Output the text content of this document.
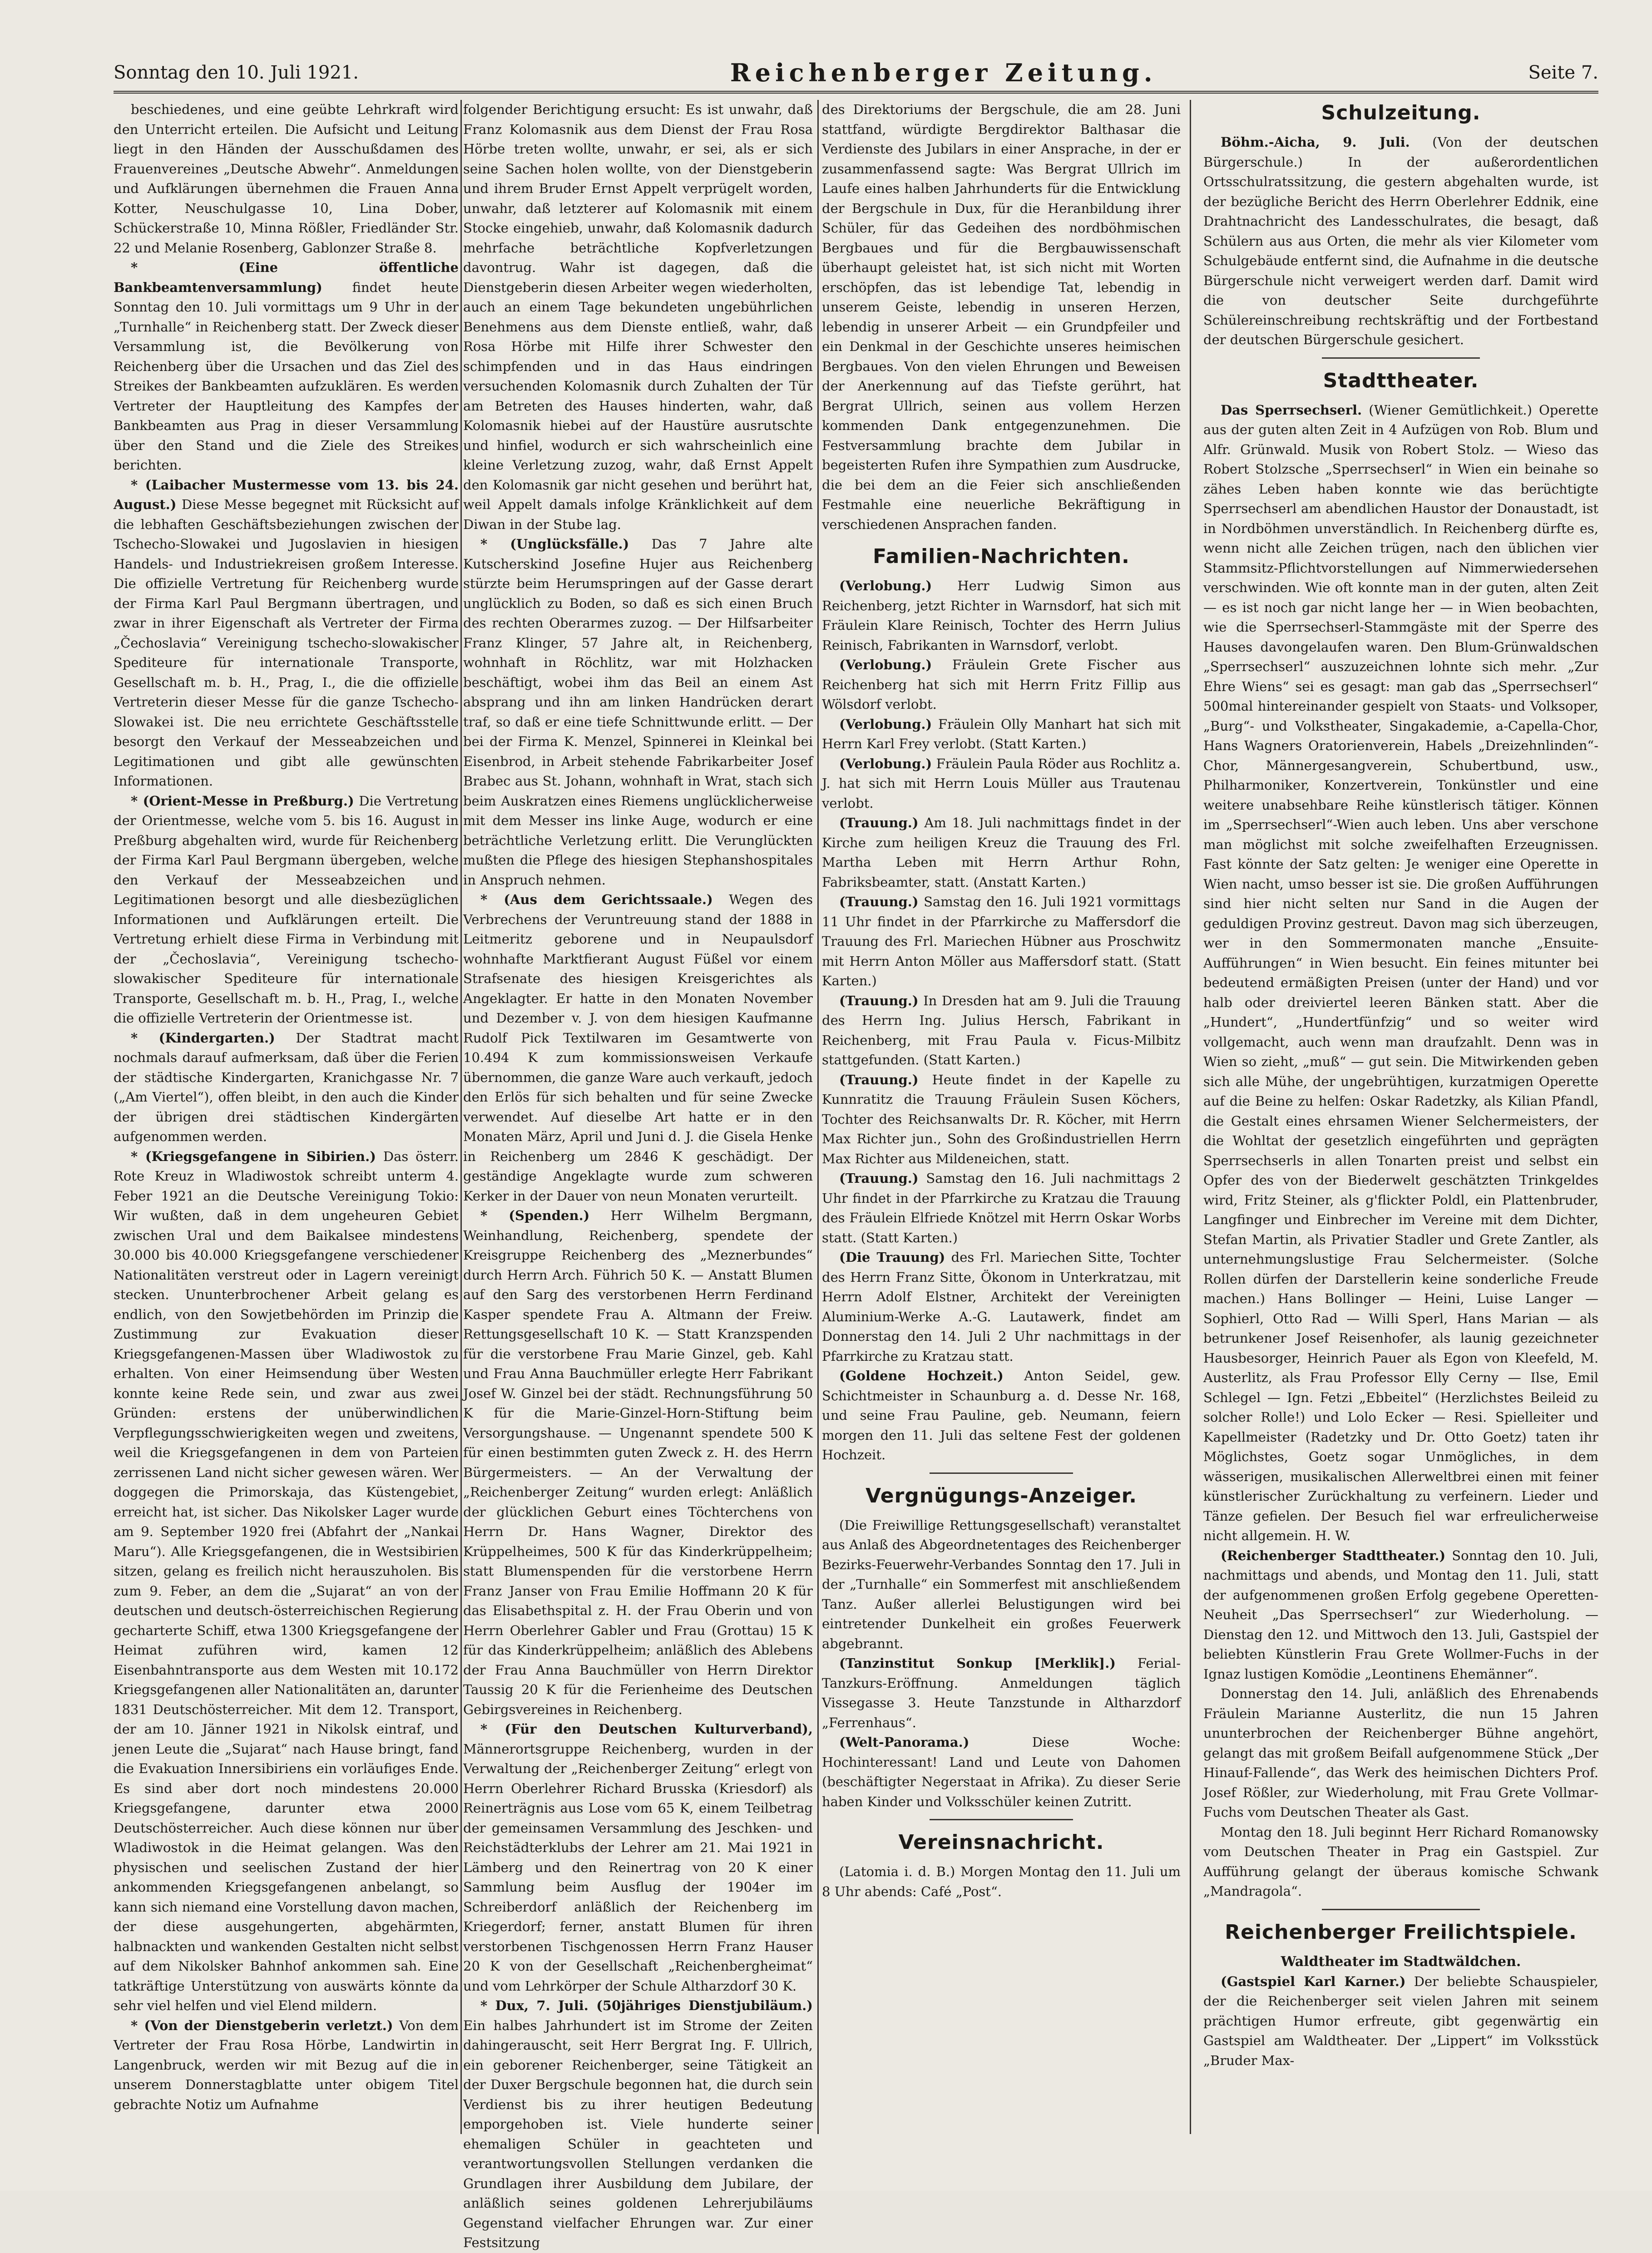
Sonntag den 10. Juli 1921.	Reichenberger Zeitung.	Seite 7.

beschiedenes, und eine geübte Lehrkraft wird den Unterricht erteilen. Die Aufsicht und Leitung liegt in den Händen der Ausschußdamen des Frauenvereines „Deutsche Abwehr“. Anmeldungen und Aufklärungen übernehmen die Frauen Anna Kotter, Neuschulgasse 10, Lina Dober, Schückerstraße 10, Minna Rößler, Friedländer Str. 22 und Melanie Rosenberg, Gablonzer Straße 8.

* (Eine öffentliche Bankbeamtenversammlung) findet heute Sonntag den 10. Juli vormittags um 9 Uhr in der „Turnhalle“ in Reichenberg statt. Der Zweck dieser Versammlung ist, die Bevölkerung von Reichenberg über die Ursachen und das Ziel des Streikes der Bankbeamten aufzuklären. Es werden Vertreter der Hauptleitung des Kampfes der Bankbeamten aus Prag in dieser Versammlung über den Stand und die Ziele des Streikes berichten.

* (Laibacher Mustermesse vom 13. bis 24. August.) Diese Messe begegnet mit Rücksicht auf die lebhaften Geschäftsbeziehungen zwischen der Tschecho-Slowakei und Jugoslavien in hiesigen Handels- und Industriekreisen großem Interesse. Die offizielle Vertretung für Reichenberg wurde der Firma Karl Paul Bergmann übertragen, und zwar in ihrer Eigenschaft als Vertreter der Firma „Čechoslavia“ Vereinigung tschecho-slowakischer Spediteure für internationale Transporte, Gesellschaft m. b. H., Prag, I., die die offizielle Vertreterin dieser Messe für die ganze Tschecho-Slowakei ist. Die neu errichtete Geschäftsstelle besorgt den Verkauf der Messeabzeichen und Legitimationen und gibt alle gewünschten Informationen.

* (Orient-Messe in Preßburg.) Die Vertretung der Orientmesse, welche vom 5. bis 16. August in Preßburg abgehalten wird, wurde für Reichenberg der Firma Karl Paul Bergmann übergeben, welche den Verkauf der Messeabzeichen und Legitimationen besorgt und alle diesbezüglichen Informationen und Aufklärungen erteilt. Die Vertretung erhielt diese Firma in Verbindung mit der „Čechoslavia“, Vereinigung tschecho-slowakischer Spediteure für internationale Transporte, Gesellschaft m. b. H., Prag, I., welche die offizielle Vertreterin der Orientmesse ist.

* (Kindergarten.) Der Stadtrat macht nochmals darauf aufmerksam, daß über die Ferien der städtische Kindergarten, Kranichgasse Nr. 7 („Am Viertel“), offen bleibt, in den auch die Kinder der übrigen drei städtischen Kindergärten aufgenommen werden.

* (Kriegsgefangene in Sibirien.) Das österr. Rote Kreuz in Wladiwostok schreibt unterm 4. Feber 1921 an die Deutsche Vereinigung Tokio: Wir wußten, daß in dem ungeheuren Gebiet zwischen Ural und dem Baikalsee mindestens 30.000 bis 40.000 Kriegsgefangene verschiedener Nationalitäten verstreut oder in Lagern vereinigt stecken. Ununterbrochener Arbeit gelang es endlich, von den Sowjetbehörden im Prinzip die Zustimmung zur Evakuation dieser Kriegsgefangenen-Massen über Wladiwostok zu erhalten. Von einer Heimsendung über Westen konnte keine Rede sein, und zwar aus zwei Gründen: erstens der unüberwindlichen Verpflegungsschwierigkeiten wegen und zweitens, weil die Kriegsgefangenen in dem von Parteien zerrissenen Land nicht sicher gewesen wären. Wer doggegen die Primorskaja, das Küstengebiet, erreicht hat, ist sicher. Das Nikolsker Lager wurde am 9. September 1920 frei (Abfahrt der „Nankai Maru“). Alle Kriegsgefangenen, die in Westsibirien sitzen, gelang es freilich nicht herauszuholen. Bis zum 9. Feber, an dem die „Sujarat“ an von der deutschen und deutsch-österreichischen Regierung gecharterte Schiff, etwa 1300 Kriegsgefangene der Heimat zuführen wird, kamen 12 Eisenbahntransporte aus dem Westen mit 10.172 Kriegsgefangenen aller Nationalitäten an, darunter 1831 Deutschösterreicher. Mit dem 12. Transport, der am 10. Jänner 1921 in Nikolsk eintraf, und jenen Leute die „Sujarat“ nach Hause bringt, fand die Evakuation Innersibiriens ein vorläufiges Ende. Es sind aber dort noch mindestens 20.000 Kriegsgefangene, darunter etwa 2000 Deutschösterreicher. Auch diese können nur über Wladiwostok in die Heimat gelangen. Was den physischen und seelischen Zustand der hier ankommenden Kriegsgefangenen anbelangt, so kann sich niemand eine Vorstellung davon machen, der diese ausgehungerten, abgehärmten, halbnackten und wankenden Gestalten nicht selbst auf dem Nikolsker Bahnhof ankommen sah. Eine tatkräftige Unterstützung von auswärts könnte da sehr viel helfen und viel Elend mildern.

* (Von der Dienstgeberin verletzt.) Von dem Vertreter der Frau Rosa Hörbe, Landwirtin in Langenbruck, werden wir mit Bezug auf die in unserem Donnerstagblatte unter obigem Titel gebrachte Notiz um Aufnahme

folgender Berichtigung ersucht: Es ist unwahr, daß Franz Kolomasnik aus dem Dienst der Frau Rosa Hörbe treten wollte, unwahr, er sei, als er sich seine Sachen holen wollte, von der Dienstgeberin und ihrem Bruder Ernst Appelt verprügelt worden, unwahr, daß letzterer auf Kolomasnik mit einem Stocke eingehieb, unwahr, daß Kolomasnik dadurch mehrfache beträchtliche Kopfverletzungen davontrug. Wahr ist dagegen, daß die Dienstgeberin diesen Arbeiter wegen wiederholten, auch an einem Tage bekundeten ungebührlichen Benehmens aus dem Dienste entließ, wahr, daß Rosa Hörbe mit Hilfe ihrer Schwester den schimpfenden und in das Haus eindringen versuchenden Kolomasnik durch Zuhalten der Tür am Betreten des Hauses hinderten, wahr, daß Kolomasnik hiebei auf der Haustüre ausrutschte und hinfiel, wodurch er sich wahrscheinlich eine kleine Verletzung zuzog, wahr, daß Ernst Appelt den Kolomasnik gar nicht gesehen und berührt hat, weil Appelt damals infolge Kränklichkeit auf dem Diwan in der Stube lag.

* (Unglücksfälle.) Das 7 Jahre alte Kutscherskind Josefine Hujer aus Reichenberg stürzte beim Herumspringen auf der Gasse derart unglücklich zu Boden, so daß es sich einen Bruch des rechten Oberarmes zuzog. — Der Hilfsarbeiter Franz Klinger, 57 Jahre alt, in Reichenberg, wohnhaft in Röchlitz, war mit Holzhacken beschäftigt, wobei ihm das Beil an einem Ast absprang und ihn am linken Handrücken derart traf, so daß er eine tiefe Schnittwunde erlitt. — Der bei der Firma K. Menzel, Spinnerei in Kleinkal bei Eisenbrod, in Arbeit stehende Fabrikarbeiter Josef Brabec aus St. Johann, wohnhaft in Wrat, stach sich beim Auskratzen eines Riemens unglücklicherweise mit dem Messer ins linke Auge, wodurch er eine beträchtliche Verletzung erlitt. Die Verunglückten mußten die Pflege des hiesigen Stephanshospitales in Anspruch nehmen.

* (Aus dem Gerichtssaale.) Wegen des Verbrechens der Veruntreuung stand der 1888 in Leitmeritz geborene und in Neupaulsdorf wohnhafte Marktfierant August Füßel vor einem Strafsenate des hiesigen Kreisgerichtes als Angeklagter. Er hatte in den Monaten November und Dezember v. J. von dem hiesigen Kaufmanne Rudolf Pick Textilwaren im Gesamtwerte von 10.494 K zum kommissionsweisen Verkaufe übernommen, die ganze Ware auch verkauft, jedoch den Erlös für sich behalten und für seine Zwecke verwendet. Auf dieselbe Art hatte er in den Monaten März, April und Juni d. J. die Gisela Henke in Reichenberg um 2846 K geschädigt. Der geständige Angeklagte wurde zum schweren Kerker in der Dauer von neun Monaten verurteilt.

* (Spenden.) Herr Wilhelm Bergmann, Weinhandlung, Reichenberg, spendete der Kreisgruppe Reichenberg des „Meznerbundes“ durch Herrn Arch. Führich 50 K. — Anstatt Blumen auf den Sarg des verstorbenen Herrn Ferdinand Kasper spendete Frau A. Altmann der Freiw. Rettungsgesellschaft 10 K. — Statt Kranzspenden für die verstorbene Frau Marie Ginzel, geb. Kahl und Frau Anna Bauchmüller erlegte Herr Fabrikant Josef W. Ginzel bei der städt. Rechnungsführung 50 K für die Marie-Ginzel-Horn-Stiftung beim Versorgungshause. — Ungenannt spendete 500 K für einen bestimmten guten Zweck z. H. des Herrn Bürgermeisters. — An der Verwaltung der „Reichenberger Zeitung“ wurden erlegt: Anläßlich der glücklichen Geburt eines Töchterchens von Herrn Dr. Hans Wagner, Direktor des Krüppelheimes, 500 K für das Kinderkrüppelheim; statt Blumenspenden für die verstorbene Herrn Franz Janser von Frau Emilie Hoffmann 20 K für das Elisabethspital z. H. der Frau Oberin und von Herrn Oberlehrer Gabler und Frau (Grottau) 15 K für das Kinderkrüppelheim; anläßlich des Ablebens der Frau Anna Bauchmüller von Herrn Direktor Taussig 20 K für die Ferienheime des Deutschen Gebirgsvereines in Reichenberg.

* (Für den Deutschen Kulturverband), Männerortsgruppe Reichenberg, wurden in der Verwaltung der „Reichenberger Zeitung“ erlegt von Herrn Oberlehrer Richard Brusska (Kriesdorf) als Reinerträgnis aus Lose vom 65 K, einem Teilbetrag der gemeinsamen Versammlung des Jeschken- und Reichstädterklubs der Lehrer am 21. Mai 1921 in Lämberg und den Reinertrag von 20 K einer Sammlung beim Ausflug der 1904er im Schreiberdorf anläßlich der Reichenberg im Kriegerdorf; ferner, anstatt Blumen für ihren verstorbenen Tischgenossen Herrn Franz Hauser 20 K von der Gesellschaft „Reichenbergheimat“ und vom Lehrkörper der Schule Altharzdorf 30 K.

* Dux, 7. Juli. (50jähriges Dienstjubiläum.) Ein halbes Jahrhundert ist im Strome der Zeiten dahingerauscht, seit Herr Bergrat Ing. F. Ullrich, ein geborener Reichenberger, seine Tätigkeit an der Duxer Bergschule begonnen hat, die durch sein Verdienst bis zu ihrer heutigen Bedeutung emporgehoben ist. Viele hunderte seiner ehemaligen Schüler in geachteten und verantwortungsvollen Stellungen verdanken die Grundlagen ihrer Ausbildung dem Jubilare, der anläßlich seines goldenen Lehrerjubiläums Gegenstand vielfacher Ehrungen war. Zur einer Festsitzung

des Direktoriums der Bergschule, die am 28. Juni stattfand, würdigte Bergdirektor Balthasar die Verdienste des Jubilars in einer Ansprache, in der er zusammenfassend sagte: Was Bergrat Ullrich im Laufe eines halben Jahrhunderts für die Entwicklung der Bergschule in Dux, für die Heranbildung ihrer Schüler, für das Gedeihen des nordböhmischen Bergbaues und für die Bergbauwissenschaft überhaupt geleistet hat, ist sich nicht mit Worten erschöpfen, das ist lebendige Tat, lebendig in unserem Geiste, lebendig in unseren Herzen, lebendig in unserer Arbeit — ein Grundpfeiler und ein Denkmal in der Geschichte unseres heimischen Bergbaues. Von den vielen Ehrungen und Beweisen der Anerkennung auf das Tiefste gerührt, hat Bergrat Ullrich, seinen aus vollem Herzen kommenden Dank entgegenzunehmen. Die Festversammlung brachte dem Jubilar in begeisterten Rufen ihre Sympathien zum Ausdrucke, die bei dem an die Feier sich anschließenden Festmahle eine neuerliche Bekräftigung in verschiedenen Ansprachen fanden.

Familien-Nachrichten.

(Verlobung.) Herr Ludwig Simon aus Reichenberg, jetzt Richter in Warnsdorf, hat sich mit Fräulein Klare Reinisch, Tochter des Herrn Julius Reinisch, Fabrikanten in Warnsdorf, verlobt.

(Verlobung.) Fräulein Grete Fischer aus Reichenberg hat sich mit Herrn Fritz Fillip aus Wölsdorf verlobt.

(Verlobung.) Fräulein Olly Manhart hat sich mit Herrn Karl Frey verlobt. (Statt Karten.)

(Verlobung.) Fräulein Paula Röder aus Rochlitz a. J. hat sich mit Herrn Louis Müller aus Trautenau verlobt.

(Trauung.) Am 18. Juli nachmittags findet in der Kirche zum heiligen Kreuz die Trauung des Frl. Martha Leben mit Herrn Arthur Rohn, Fabriksbeamter, statt. (Anstatt Karten.)

(Trauung.) Samstag den 16. Juli 1921 vormittags 11 Uhr findet in der Pfarrkirche zu Maffersdorf die Trauung des Frl. Mariechen Hübner aus Proschwitz mit Herrn Anton Möller aus Maffersdorf statt. (Statt Karten.)

(Trauung.) In Dresden hat am 9. Juli die Trauung des Herrn Ing. Julius Hersch, Fabrikant in Reichenberg, mit Frau Paula v. Ficus-Milbitz stattgefunden. (Statt Karten.)

(Trauung.) Heute findet in der Kapelle zu Kunnratitz die Trauung Fräulein Susen Köchers, Tochter des Reichsanwalts Dr. R. Köcher, mit Herrn Max Richter jun., Sohn des Großindustriellen Herrn Max Richter aus Mildeneichen, statt.

(Trauung.) Samstag den 16. Juli nachmittags 2 Uhr findet in der Pfarrkirche zu Kratzau die Trauung des Fräulein Elfriede Knötzel mit Herrn Oskar Worbs statt. (Statt Karten.)

(Die Trauung) des Frl. Mariechen Sitte, Tochter des Herrn Franz Sitte, Ökonom in Unterkratzau, mit Herrn Adolf Elstner, Architekt der Vereinigten Aluminium-Werke A.-G. Lautawerk, findet am Donnerstag den 14. Juli 2 Uhr nachmittags in der Pfarrkirche zu Kratzau statt.

(Goldene Hochzeit.) Anton Seidel, gew. Schichtmeister in Schaunburg a. d. Desse Nr. 168, und seine Frau Pauline, geb. Neumann, feiern morgen den 11. Juli das seltene Fest der goldenen Hochzeit.

Vergnügungs-Anzeiger.

(Die Freiwillige Rettungsgesellschaft) veranstaltet aus Anlaß des Abgeordnetentages des Reichenberger Bezirks-Feuerwehr-Verbandes Sonntag den 17. Juli in der „Turnhalle“ ein Sommerfest mit anschließendem Tanz. Außer allerlei Belustigungen wird bei eintretender Dunkelheit ein großes Feuerwerk abgebrannt.

(Tanzinstitut Sonkup [Merklik].) Ferial-Tanzkurs-Eröffnung. Anmeldungen täglich Vissegasse 3. Heute Tanzstunde in Altharzdorf „Ferrenhaus“.

(Welt-Panorama.)	Diese Woche: Hochinteressant! Land und Leute von Dahomen (beschäftigter Negerstaat in Afrika). Zu dieser Serie haben Kinder und Volksschüler keinen Zutritt.

Vereinsnachricht.

(Latomia i. d. B.) Morgen Montag den 11. Juli um 8 Uhr abends: Café „Post“.

Schulzeitung.

Böhm.-Aicha, 9. Juli. (Von der deutschen Bürgerschule.) In der außerordentlichen Ortsschulratssitzung, die gestern abgehalten wurde, ist der bezügliche Bericht des Herrn Oberlehrer Eddnik, eine Drahtnachricht des Landesschulrates, die besagt, daß Schülern aus aus Orten, die mehr als vier Kilometer vom Schulgebäude entfernt sind, die Aufnahme in die deutsche Bürgerschule nicht verweigert werden darf. Damit wird die von deutscher Seite durchgeführte Schülereinschreibung rechtskräftig und der Fortbestand der deutschen Bürgerschule gesichert.

Stadttheater.

Das Sperrsechserl. (Wiener Gemütlichkeit.) Operette aus der guten alten Zeit in 4 Aufzügen von Rob. Blum und Alfr. Grünwald. Musik von Robert Stolz. — Wieso das Robert Stolzsche „Sperrsechserl“ in Wien ein beinahe so zähes Leben haben konnte wie das berüchtigte Sperrsechserl am abendlichen Haustor der Donaustadt, ist in Nordböhmen unverständlich. In Reichenberg dürfte es, wenn nicht alle Zeichen trügen, nach den üblichen vier Stammsitz-Pflichtvorstellungen auf Nimmerwiedersehen verschwinden. Wie oft konnte man in der guten, alten Zeit — es ist noch gar nicht lange her — in Wien beobachten, wie die Sperrsechserl-Stammgäste mit der Sperre des Hauses davongelaufen waren. Den Blum-Grünwaldschen „Sperrsechserl“ auszuzeichnen lohnte sich mehr. „Zur Ehre Wiens“ sei es gesagt: man gab das „Sperrsechserl“ 500mal hintereinander gespielt von Staats- und Volksoper, „Burg“- und Volkstheater, Singakademie, a-Capella-Chor, Hans Wagners Oratorienverein, Habels „Dreizehnlinden“-Chor, Männergesangverein, Schubertbund, usw., Philharmoniker, Konzertverein, Tonkünstler und eine weitere unabsehbare Reihe künstlerisch tätiger. Können im „Sperrsechserl“-Wien auch leben. Uns aber verschone man möglichst mit solche zweifelhaften Erzeugnissen. Fast könnte der Satz gelten: Je weniger eine Operette in Wien nacht, umso besser ist sie. Die großen Aufführungen sind hier nicht selten nur Sand in die Augen der geduldigen Provinz gestreut. Davon mag sich überzeugen, wer in den Sommermonaten manche „Ensuite-Aufführungen“ in Wien besucht. Ein feines mitunter bei bedeutend ermäßigten Preisen (unter der Hand) und vor halb oder dreiviertel leeren Bänken statt. Aber die „Hundert“, „Hundertfünfzig“ und so weiter wird vollgemacht, auch wenn man draufzahlt. Denn was in Wien so zieht, „muß“ — gut sein. Die Mitwirkenden geben sich alle Mühe, der ungebrühtigen, kurzatmigen Operette auf die Beine zu helfen: Oskar Radetzky, als Kilian Pfandl, die Gestalt eines ehrsamen Wiener Selchermeisters, der die Wohltat der gesetzlich eingeführten und geprägten Sperrsechserls in allen Tonarten preist und selbst ein Opfer des von der Biederwelt geschätzten Trinkgeldes wird, Fritz Steiner, als g'flickter Poldl, ein Plattenbruder, Langfinger und Einbrecher im Vereine mit dem Dichter, Stefan Martin, als Privatier Stadler und Grete Zantler, als unternehmungslustige Frau Selchermeister. (Solche Rollen dürfen der Darstellerin keine sonderliche Freude machen.) Hans Bollinger — Heini, Luise Langer — Sophierl, Otto Rad — Willi Sperl, Hans Marian — als betrunkener Josef Reisenhofer, als launig gezeichneter Hausbesorger, Heinrich Pauer als Egon von Kleefeld, M. Austerlitz, als Frau Professor Elly Cerny — Ilse, Emil Schlegel — Ign. Fetzi „Ebbeitel“ (Herzlichstes Beileid zu solcher Rolle!) und Lolo Ecker — Resi. Spielleiter und Kapellmeister (Radetzky und Dr. Otto Goetz) taten ihr Möglichstes, Goetz sogar Unmögliches, in dem wässerigen, musikalischen Allerweltbrei einen mit feiner künstlerischer Zurückhaltung zu verfeinern. Lieder und Tänze gefielen. Der Besuch fiel war erfreulicherweise nicht allgemein. H. W.

(Reichenberger Stadttheater.) Sonntag den 10. Juli, nachmittags und abends, und Montag den 11. Juli, statt der aufgenommenen großen Erfolg gegebene Operetten-Neuheit „Das Sperrsechserl“ zur Wiederholung. — Dienstag den 12. und Mittwoch den 13. Juli, Gastspiel der beliebten Künstlerin Frau Grete Wollmer-Fuchs in der Ignaz lustigen Komödie „Leontinens Ehemänner“.

Donnerstag den 14. Juli, anläßlich des Ehrenabends Fräulein Marianne Austerlitz, die nun 15 Jahren ununterbrochen der Reichenberger Bühne angehört, gelangt das mit großem Beifall aufgenommene Stück „Der Hinauf-Fallende“, das Werk des heimischen Dichters Prof. Josef Rößler, zur Wiederholung, mit Frau Grete Vollmar-Fuchs vom Deutschen Theater als Gast.

Montag den 18. Juli beginnt Herr Richard Romanowsky vom Deutschen Theater in Prag ein Gastspiel. Zur Aufführung gelangt der überaus komische Schwank „Mandragola“.

Reichenberger Freilichtspiele.
Waldtheater im Stadtwäldchen.

(Gastspiel Karl Karner.) Der beliebte Schauspieler, der die Reichenberger seit vielen Jahren mit seinem prächtigen Humor erfreute, gibt gegenwärtig ein Gastspiel am Waldtheater. Der „Lippert“ im Volksstück „Bruder Max-
